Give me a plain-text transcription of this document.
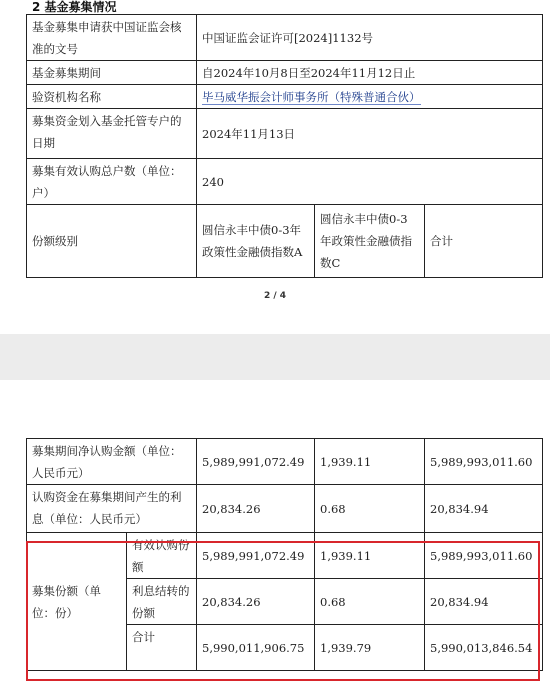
2 基金募集情况
基金募集申请获中国证监会核准的文号	中国证监会证许可[2024]1132号		
基金募集期间	自2024年10月8日至2024年11月12日止		
验资机构名称	毕马威华振会计师事务所（特殊普通合伙）		
募集资金划入基金托管专户的日期	2024年11月13日		
募集有效认购总户数（单位：户）	240		
份额级别	圆信永丰中债0-3年政策性金融债指数A	圆信永丰中债0-3年政策性金融债指数C	合计
2 / 4
募集期间净认购金额（单位：人民币元）		5,989,991,072.49	1,939.11	5,989,993,011.60
认购资金在募集期间产生的利息（单位：人民币元）		20,834.26	0.68	20,834.94
募集份额（单位：份）	有效认购份额	5,989,991,072.49	1,939.11	5,989,993,011.60
	利息结转的份额	20,834.26	0.68	20,834.94
	合计	5,990,011,906.75	1,939.79	5,990,013,846.54
